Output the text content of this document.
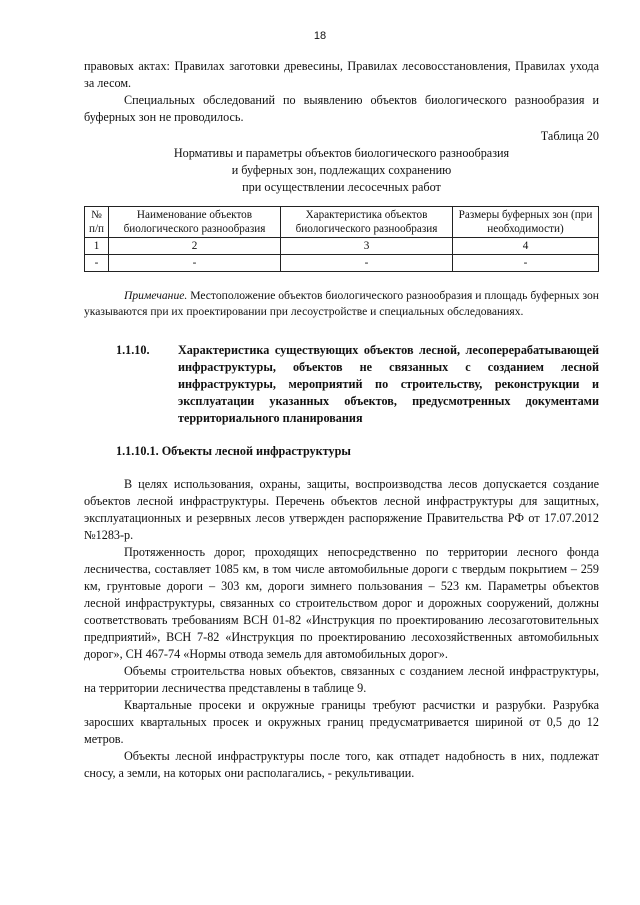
18

правовых актах: Правилах заготовки древесины, Правилах лесовосстановления, Правилах ухода за лесом.

Специальных обследований по выявлению объектов биологического разнообразия и буферных зон не проводилось.

Таблица 20

Нормативы и параметры объектов биологического разнообразия
и буферных зон, подлежащих сохранению
при осуществлении лесосечных работ
№ п/п	Наименование объектов биологического разнообразия	Характеристика объектов биологического разнообразия	Размеры буферных зон (при необходимости)
1	2	3	4
-	-	-	-

Примечание. Местоположение объектов биологического разнообразия и площадь буферных зон указываются при их проектировании при лесоустройстве и специальных обследованиях.

1.1.10.	Характеристика существующих объектов лесной, лесоперерабатывающей инфраструктуры, объектов не связанных с созданием лесной инфраструктуры, мероприятий по строительству, реконструкции и эксплуатации указанных объектов, предусмотренных документами территориального планирования

1.1.10.1. Объекты лесной инфраструктуры

В целях использования, охраны, защиты, воспроизводства лесов допускается создание объектов лесной инфраструктуры. Перечень объектов лесной инфраструктуры для защитных, эксплуатационных и резервных лесов утвержден распоряжение Правительства РФ от 17.07.2012 №1283-р.

Протяженность дорог, проходящих непосредственно по территории лесного фонда лесничества, составляет 1085 км, в том числе автомобильные дороги с твердым покрытием – 259 км, грунтовые дороги – 303 км, дороги зимнего пользования – 523 км. Параметры объектов лесной инфраструктуры, связанных со строительством дорог и дорожных сооружений, должны соответствовать требованиям ВСН 01-82 «Инструкция по проектированию лесозаготовительных предприятий», ВСН 7-82 «Инструкция по проектированию лесохозяйственных автомобильных дорог», СН 467-74 «Нормы отвода земель для автомобильных дорог».

Объемы строительства новых объектов, связанных с созданием лесной инфраструктуры, на территории лесничества представлены в таблице 9.

Квартальные просеки и окружные границы требуют расчистки и разрубки. Разрубка заросших квартальных просек и окружных границ предусматривается шириной от 0,5 до 12 метров.

Объекты лесной инфраструктуры после того, как отпадет надобность в них, подлежат сносу, а земли, на которых они располагались, - рекультивации.
